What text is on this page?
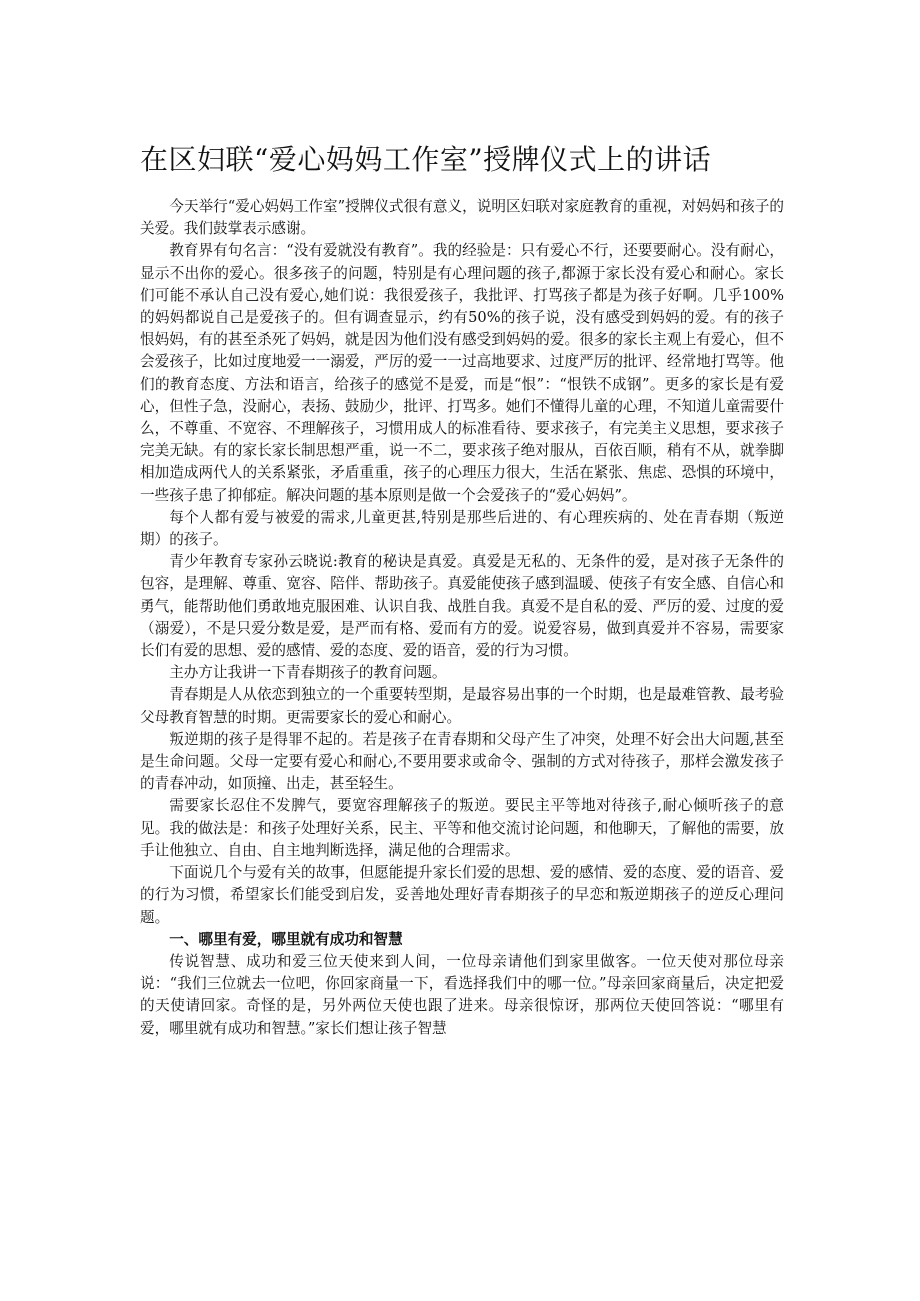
在区妇联“爱心妈妈工作室”授牌仪式上的讲话

今天举行“爱心妈妈工作室”授牌仪式很有意义，说明区妇联对家庭教育的重视，对妈妈和孩子的关爱。我们鼓掌表示感谢。

教育界有句名言：“没有爱就没有教育”。我的经验是：只有爱心不行，还要要耐心。没有耐心，显示不出你的爱心。很多孩子的问题，特别是有心理问题的孩子,都源于家长没有爱心和耐心。家长们可能不承认自己没有爱心,她们说：我很爱孩子，我批评、打骂孩子都是为孩子好啊。几乎100%的妈妈都说自己是爱孩子的。但有调查显示，约有50%的孩子说，没有感受到妈妈的爱。有的孩子恨妈妈，有的甚至杀死了妈妈，就是因为他们没有感受到妈妈的爱。很多的家长主观上有爱心，但不会爱孩子，比如过度地爱一一溺爱，严厉的爱一一过高地要求、过度严厉的批评、经常地打骂等。他们的教育态度、方法和语言，给孩子的感觉不是爱，而是“恨”：“恨铁不成钢”。更多的家长是有爱心，但性子急，没耐心，表扬、鼓励少，批评、打骂多。她们不懂得儿童的心理，不知道儿童需要什么，不尊重、不宽容、不理解孩子，习惯用成人的标准看待、要求孩子，有完美主义思想，要求孩子完美无缺。有的家长家长制思想严重，说一不二，要求孩子绝对服从，百依百顺，稍有不从，就拳脚相加造成两代人的关系紧张，矛盾重重，孩子的心理压力很大，生活在紧张、焦虑、恐惧的环境中，一些孩子患了抑郁症。解决问题的基本原则是做一个会爱孩子的“爱心妈妈”。

每个人都有爱与被爱的需求,儿童更甚,特别是那些后进的、有心理疾病的、处在青春期（叛逆期）的孩子。

青少年教育专家孙云晓说:教育的秘诀是真爱。真爱是无私的、无条件的爱，是对孩子无条件的包容，是理解、尊重、宽容、陪伴、帮助孩子。真爱能使孩子感到温暖、使孩子有安全感、自信心和勇气，能帮助他们勇敢地克服困难、认识自我、战胜自我。真爱不是自私的爱、严厉的爱、过度的爱（溺爱），不是只爱分数是爱，是严而有格、爱而有方的爱。说爱容易，做到真爱并不容易，需要家长们有爱的思想、爱的感情、爱的态度、爱的语音，爱的行为习惯。

主办方让我讲一下青春期孩子的教育问题。

青春期是人从依恋到独立的一个重要转型期，是最容易出事的一个时期，也是最难管教、最考验父母教育智慧的时期。更需要家长的爱心和耐心。

叛逆期的孩子是得罪不起的。若是孩子在青春期和父母产生了冲突，处理不好会出大问题,甚至是生命问题。父母一定要有爱心和耐心,不要用要求或命令、强制的方式对待孩子，那样会激发孩子的青春冲动，如顶撞、出走，甚至轻生。

需要家长忍住不发脾气，要宽容理解孩子的叛逆。要民主平等地对待孩子,耐心倾听孩子的意见。我的做法是：和孩子处理好关系，民主、平等和他交流讨论问题，和他聊天，了解他的需要，放手让他独立、自由、自主地判断选择，满足他的合理需求。

下面说几个与爱有关的故事，但愿能提升家长们爱的思想、爱的感情、爱的态度、爱的语音、爱的行为习惯，希望家长们能受到启发，妥善地处理好青春期孩子的早恋和叛逆期孩子的逆反心理问题。

一、哪里有爱，哪里就有成功和智慧

传说智慧、成功和爱三位天使来到人间，一位母亲请他们到家里做客。一位天使对那位母亲说：“我们三位就去一位吧，你回家商量一下，看选择我们中的哪一位。”母亲回家商量后，决定把爱的天使请回家。奇怪的是，另外两位天使也跟了进来。母亲很惊讶，那两位天使回答说：“哪里有爱，哪里就有成功和智慧。”家长们想让孩子智慧
